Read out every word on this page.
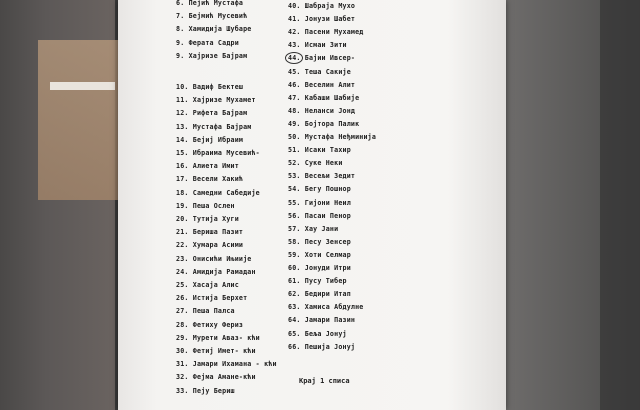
6. Пејић Мустафа
7. Бејмић Мусевић
8. Хамидија Шубаре
9. Ферата Садри
9. Хајризе Бајрам
10. Вадиф Бектеш
11. Хајризе Мухамет
12. Рифета Бајрам
13. Мустафа Бајрам
14. Бејиј Ибраим
15. Ибраима Мусевић-
16. Алиета Имит
17. Весели Хакић
18. Самедни Сабедије
19. Пеша Ослен
20. Тутија Хуги
21. Бериша Пазит
22. Хумара Асими
23. Онисићи Ињиије
24. Амидија Рамадан
25. Хасаја Алис
26. Истија Берхет
27. Пеша Палса
28. Фетиху Фериз
29. Мурети Аваз- кћи
30. Фетиј Имет- кћи
31. Јамари Ихамана - кћи
32. Фејма Амане-кћи
33. Пеју Бериш
40. Шабраја Мухо
41. Јонузи Шабет
42. Пасени Мухамед
43. Исмаи Зити
44. Бајии Ивсер-
45. Теша Сакије
46. Веселин Алит
47. Кабаши Шабије
48. Неланси Јонд
49. Бојтора Палик
50. Мустафа Неђминија
51. Исаки Тахир
52. Суке Неки
53. Весељи Зедит
54. Бегу Пошнор
55. Гијони Неил
56. Пасаи Пенор
57. Хау Јани
58. Песу Зенсер
59. Хоти Селмар
60. Јонуди Итри
61. Пусу Тибер
62. Бедири Итап
63. Хамиса Абдулне
64. Јамари Пазин
65. Беља Јонуј
66. Пешија Јонуј
Крај 1 списа
